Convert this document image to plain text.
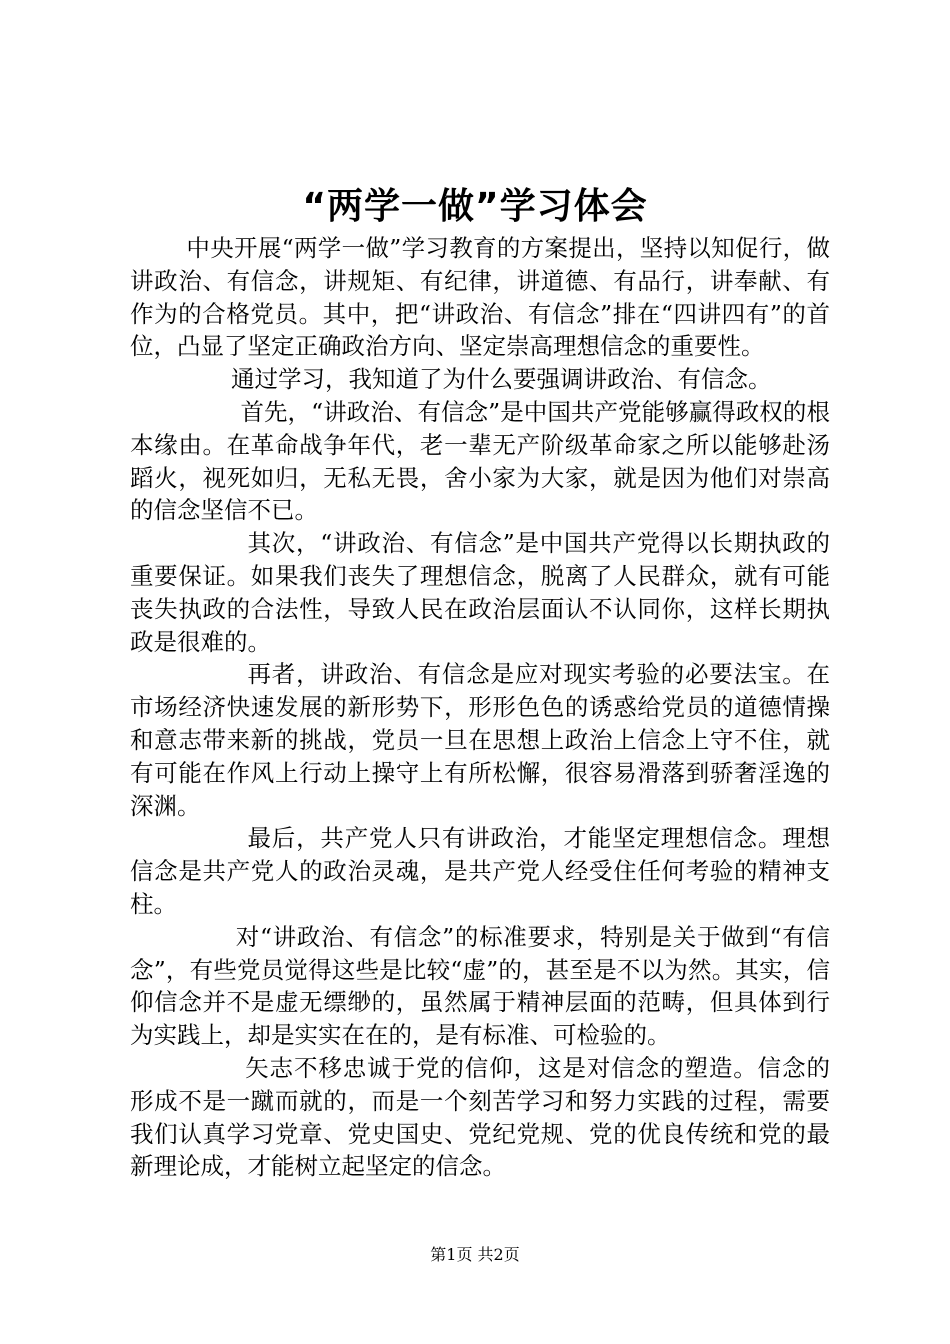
“两学一做”学习体会

中央开展“两学一做”学习教育的方案提出，坚持以知促行，做讲政治、有信念，讲规矩、有纪律，讲道德、有品行，讲奉献、有作为的合格党员。其中，把“讲政治、有信念”排在“四讲四有”的首位，凸显了坚定正确政治方向、坚定崇高理想信念的重要性。

通过学习，我知道了为什么要强调讲政治、有信念。

首先，“讲政治、有信念”是中国共产党能够赢得政权的根本缘由。在革命战争年代，老一辈无产阶级革命家之所以能够赴汤蹈火，视死如归，无私无畏，舍小家为大家，就是因为他们对崇高的信念坚信不已。

其次，“讲政治、有信念”是中国共产党得以长期执政的重要保证。如果我们丧失了理想信念，脱离了人民群众，就有可能丧失执政的合法性，导致人民在政治层面认不认同你，这样长期执政是很难的。

再者，讲政治、有信念是应对现实考验的必要法宝。在市场经济快速发展的新形势下，形形色色的诱惑给党员的道德情操和意志带来新的挑战，党员一旦在思想上政治上信念上守不住，就有可能在作风上行动上操守上有所松懈，很容易滑落到骄奢淫逸的深渊。

最后，共产党人只有讲政治，才能坚定理想信念。理想信念是共产党人的政治灵魂，是共产党人经受住任何考验的精神支柱。

对“讲政治、有信念”的标准要求，特别是关于做到“有信念”，有些党员觉得这些是比较“虚”的，甚至是不以为然。其实，信仰信念并不是虚无缥缈的，虽然属于精神层面的范畴，但具体到行为实践上，却是实实在在的，是有标准、可检验的。

矢志不移忠诚于党的信仰，这是对信念的塑造。信念的形成不是一蹴而就的，而是一个刻苦学习和努力实践的过程，需要我们认真学习党章、党史国史、党纪党规、党的优良传统和党的最新理论成，才能树立起坚定的信念。

第1页 共2页
